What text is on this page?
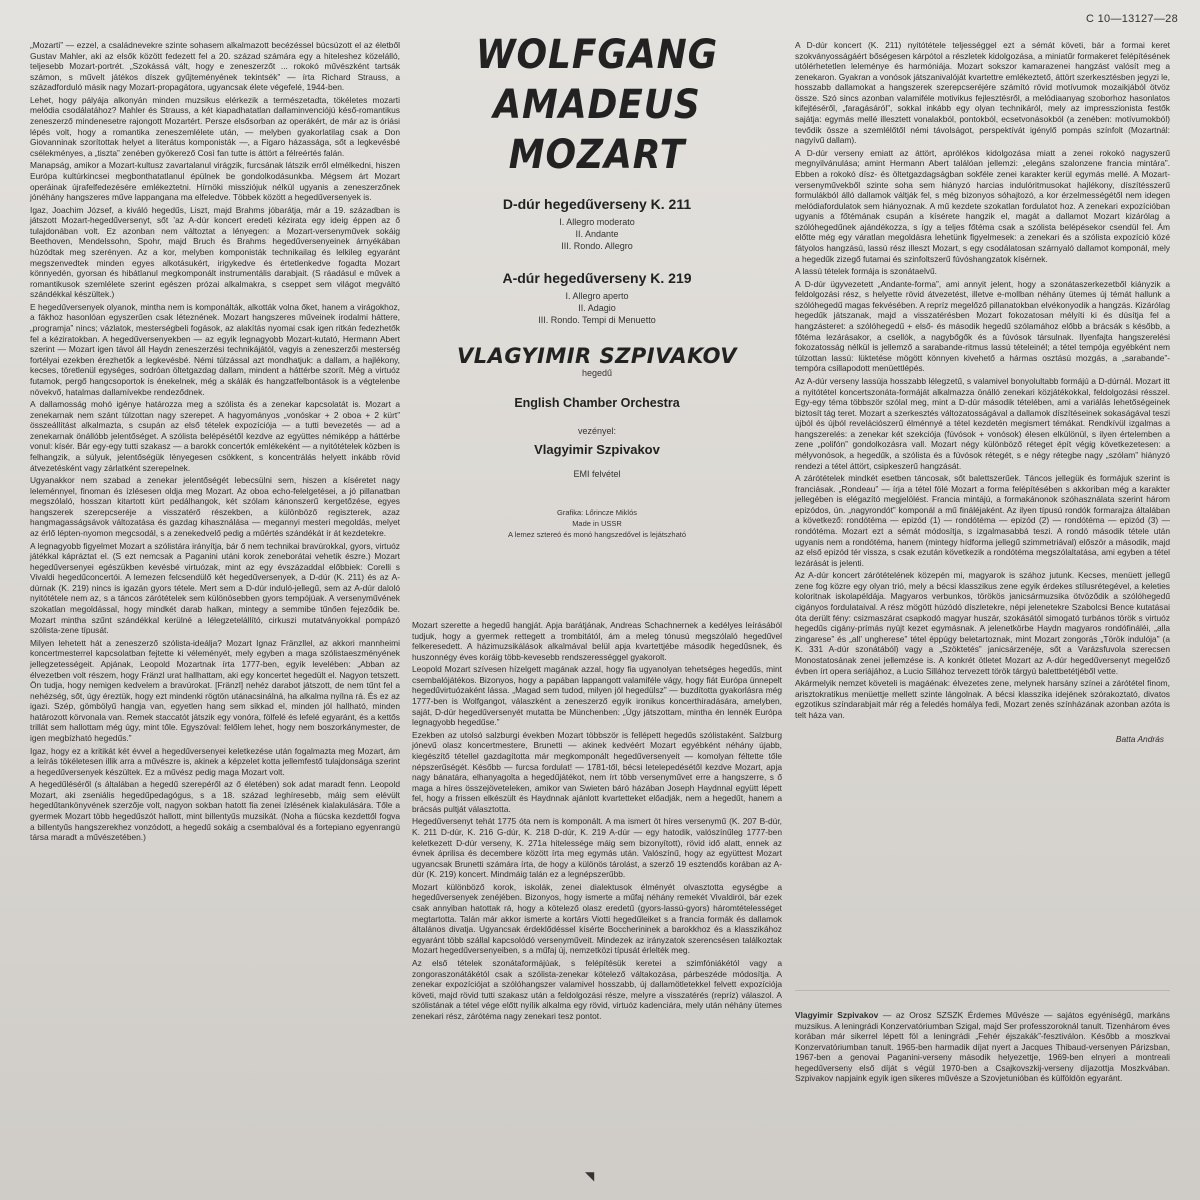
C 10—13127—28

„Mozarti” — ezzel, a családnevekre szinte sohasem alkalmazott becézéssel búcsúzott el az életből Gustav Mahler, aki az elsők között fedezett fel a 20. század számára egy a hiteleshez közelálló, teljesebb Mozart-portrét. „Szokássá vált, hogy e zeneszerzőt ... rokokó művészként tartsák számon, s művelt játékos díszek gyűjteményének tekintsék” — írta Richard Strauss, a századforduló másik nagy Mozart-propagátora, ugyancsak élete végefelé, 1944-ben.

Lehet, hogy pályája alkonyán minden muzsikus elérkezik a természetadta, tökéletes mozarti melódia csodálatához? Mahler és Strauss, a két kiapadhatatlan dallaminvenciójú késő-romantikus zeneszerző mindenesetre rajongott Mozartért. Persze elsősorban az operákért, de már az is óriási lépés volt, hogy a romantika zeneszemlélete után, — melyben gyakorlatilag csak a Don Giovanninak szorítottak helyet a literátus komponisták —, a Figaro házassága, sőt a legkevésbé csélekményes, a „tiszta” zenében gyökerező Così fan tutte is áttört a félreértés falán.

Manapság, amikor a Mozart-kultusz zavartalanul virágzik, furcsának látszik erről elmélkedni, hiszen Európa kultúrkincsei megbonthatatlanul épülnek be gondolkodásunkba. Mégsem árt Mozart operáinak újrafelfedezésére emlékeztetni. Hírnöki missziójuk nélkül ugyanis a zeneszerzőnek jónéhány hangszeres műve lappangana ma elfeledve. Többek között a hegedűversenyek is.

Igaz, Joachim József, a kiváló hegedűs, Liszt, majd Brahms jóbarátja, már a 19. században is játszott Mozart-hegedűversenyt, sőt ’az A-dúr koncert eredeti kézirata egy ideig éppen az ő tulajdonában volt. Ez azonban nem változtat a lényegen: a Mozart-versenyművek sokáig Beethoven, Mendelssohn, Spohr, majd Bruch és Brahms hegedűversenyeinek árnyékában húzódtak meg szerényen. Az a kor, melyben komponisták technikailag és lelkileg egyaránt megszenvedtek minden egyes alkotásukért, irigykedve és értetlenkedve fogadta Mozart könnyedén, gyorsan és hibátlanul megkomponált instrumentális darabjait. (S ráadásul e művek a romantikusok szemlélete szerint egészen prózai alkalmakra, s cseppet sem világot megváltó szándékkal készültek.)

E hegedűversenyek olyanok, mintha nem is komponálták, alkották volna őket, hanem a virágokhoz, a fákhoz hasonlóan egyszerűen csak léteznének. Mozart hangszeres műveinek irodalmi háttere, „programja” nincs; vázlatok, mesterségbeli fogások, az alakítás nyomai csak igen ritkán fedezhetők fel a kéziratokban. A hegedűversenyekben — az egyik legnagyobb Mozart-kutató, Hermann Abert szerint — Mozart igen távol áll Haydn zeneszerzési technikájától, vagyis a zeneszerzői mesterség fortélyai ezekben érezhetők a legkevésbé. Némi túlzással azt mondhatjuk: a dallam, a hajlékony, kecses, töretlenül egységes, sodróan öltetgazdag dallam, mindent a háttérbe szorít. Még a virtuóz futamok, pergő hangcsoportok is énekelnek, még a skálák és hangzatfelbontások is a végtelenbe növekvő, hatalmas dallamívekbe rendeződnek.

A dallamosság mohó igénye határozza meg a szólista és a zenekar kapcsolatát is. Mozart a zenekarnak nem szánt túlzottan nagy szerepet. A hagyományos „vonóskar + 2 oboa + 2 kürt” összeállítást alkalmazta, s csupán az első tételek expozíciója — a tutti bevezetés — ad a zenekarnak önállóbb jelentőséget. A szólista belépésétől kezdve az együttes némiképp a háttérbe vonul: kísér. Bár egy-egy tutti szakasz — a barokk concertók emlékeként — a nyitótételek közben is felhangzik, a súlyuk, jelentőségük lényegesen csökkent, s koncentrálás helyett inkább rövid átvezetésként vagy zárlatként szerepelnek.

Ugyanakkor nem szabad a zenekar jelentőségét lebecsülni sem, hiszen a kíséretet nagy leleménnyel, finoman és ízlésesen oldja meg Mozart. Az oboa echo-felelgetései, a jó pillanatban megszólaló, hosszan kitartott kürt pedálhangok, két szólam kánonszerű kergetőzése, egyes hangszerek szerepcseréje a visszatérő részekben, a különböző regiszterek, azaz hangmagasságsávok változatása és gazdag kihasználása — megannyi mesteri megoldás, melyet az érlő lépten-nyomon megcsodál, s a zenekedvelő pedig a műértés szándékát ír át kezdetekre.

A legnagyobb figyelmet Mozart a szólistára irányítja, bár ő nem technikai bravúrokkal, gyors, virtuóz játékkal kápráztat el. (S ezt nemcsak a Paganini utáni korok zeneborátai vehetik észre.) Mozart hegedűversenyei egészükben kevésbé virtuózak, mint az egy évszázaddal előbbiek: Corelli s Vivaldi hegedűconcertói. A lemezen felcsendülő két hegedűversenyek, a D-dúr (K. 211) és az A-dúrnak (K. 219) nincs is igazán gyors tétele. Mert sem a D-dúr induló-jellegű, sem az A-dúr daloló nyitótétele nem az, s a táncos zárótételek sem különösebben gyors tempójúak. A versenyművének szokatlan megoldással, hogy mindkét darab halkan, mintegy a semmibe tűnően fejeződik be. Mozart mintha szűnt szándékkal kerülné a lélegzetelállító, cirkuszi mutatványokkal pompázó szólista-zene típusát.

Milyen lehetett hát a zeneszerző szólista-ideálja? Mozart Ignaz Fränzllel, az akkori mannheimi koncertmesterrel kapcsolatban fejtette ki véleményét, mely egyben a maga szólistaeszményének jellegzetességeit. Apjának, Leopold Mozartnak írta 1777-ben, egyik levelében: „Abban az élvezetben volt részem, hogy Fränzl urat hallhattam, aki egy koncertet hegedült el. Nagyon tetszett. Ön tudja, hogy nemigen kedvelem a bravúrokat. [Fränzl] nehéz darabot játszott, de nem tűnt fel a nehézség, sőt, úgy éreztük, hogy ezt mindenki rögtön utánacsinálná, ha alkalma nyílna rá. És ez az igazi. Szép, gömbölyű hangja van, egyetlen hang sem sikkad el, minden jól hallható, minden határozott körvonala van. Remek staccatót játszik egy vonóra, fölfelé és lefelé egyaránt, és a kettős trillát sem hallottam még úgy, mint tőle. Egyszóval: felőlem lehet, hogy nem boszorkánymester, de igen megbízható hegedűs.”

Igaz, hogy ez a kritikát két évvel a hegedűversenyei keletkezése után fogalmazta meg Mozart, ám a leírás tökéletesen illik arra a művészre is, akinek a képzelet kotta jellemfestő tulajdonsága szerint a hegedűversenyek készültek. Ez a művész pedig maga Mozart volt.

A hegedűléséről (s általában a hegedű szerepéről az ő életében) sok adat maradt fenn. Leopold Mozart, aki zseniális hegedűpedagógus, s a 18. század leghíresebb, máig sem elévült hegedűtankönyvének szerzője volt, nagyon sokban hatott fia zenei ízlésének kialakulására. Tőle a gyermek Mozart több hegedűszót hallott, mint billentyűs muzsikát. (Noha a fiúcska kezdettől fogva a billentyűs hangszerekhez vonzódott, a hegedű sokáig a csembalóval és a fortepiano egyenrangú társa maradt a művészetében.)

WOLFGANG
AMADEUS
MOZART
D-dúr hegedűverseny K. 211
I. Allegro moderato
II. Andante
III. Rondo. Allegro
A-dúr hegedűverseny K. 219
I. Allegro aperto
II. Adagio
III. Rondo. Tempi di Menuetto
VLAGYIMIR SZPIVAKOV
hegedű
English Chamber Orchestra
vezényel:
Vlagyimir Szpivakov
EMI felvétel
Grafika: Lőrincze Miklós
Made in USSR
A lemez sztereó és monó hangszedővel is lejátszható

Mozart szerette a hegedű hangját. Apja barátjának, Andreas Schachnernek a kedélyes leírásából tudjuk, hogy a gyermek rettegett a trombitától, ám a meleg tónusú megszólaló hegedűvel felkeresedett. A házimuzsikálások alkalmával belül apja kvartettjébe második hegedűsnek, és huszonnégy éves koráig több-kevesebb rendszerességgel gyakorolt.

Leopold Mozart szívesen hízelgett magának azzal, hogy fia ugyanolyan tehetséges hegedűs, mint csembalójátékos. Bizonyos, hogy a papában lappangott valamiféle vágy, hogy fiát Európa ünnepelt hegedűvirtuózaként lássa. „Magad sem tudod, milyen jól hegedülsz” — buzdította gyakorlásra még 1777-ben is Wolfgangot, válaszként a zeneszerző egyik ironikus koncerthiradására, amelyben, saját, D-dúr hegedűversenyét mutatta be Münchenben: „Úgy játszottam, mintha én lennék Európa legnagyobb hegedűse.”

Ezekben az utolsó salzburgi években Mozart többször is fellépett hegedűs szólistaként. Salzburg jónevű olasz koncertmestere, Brunetti — akinek kedvéért Mozart egyébként néhány újabb, kiegészítő tétellel gazdagította már megkomponált hegedűversenyeit — komolyan féltette tőle népszerűségét. Később — furcsa fordulat! — 1781-től, bécsi letelepedésétől kezdve Mozart, apja nagy bánatára, elhanyagolta a hegedűjátékot, nem írt több versenyművet erre a hangszerre, s ő maga a híres összejöveteleken, amikor van Swieten báró házában Joseph Haydnnal együtt lépett fel, hogy a frissen elkészült és Haydnnak ajánlott kvartetteket előadják, nem a hegedűt, hanem a brácsás pultját választotta.

Hegedűversenyt tehát 1775 óta nem is komponált. A ma ismert öt híres versenymű (K. 207 B-dúr, K. 211 D-dúr, K. 216 G-dúr, K. 218 D-dúr, K. 219 A-dúr — egy hatodik, valószínűleg 1777-ben keletkezett D-dúr verseny, K. 271a hitelessége máig sem bizonyított), rövid idő alatt, ennek az évnek áprilisa és decembere között írta meg egymás után. Valószínű, hogy az együttest Mozart ugyancsak Brunetti számára írta, de hogy a különös tárolást, a szerző 19 esztendős korában az A-dúr (K. 219) koncert. Mindmáig talán ez a legnépszerűbb.

Mozart különböző korok, iskolák, zenei dialektusok élményét olvasztotta egységbe a hegedűversenyek zenéjében. Bizonyos, hogy ismerte a műfaj néhány remekét Vivaldiról, bár ezek csak annyiban hatottak rá, hogy a kötelező olasz eredetű (gyors-lassú-gyors) háromtételességet megtartotta. Talán már akkor ismerte a kortárs Viotti hegedűleiket s a francia formák és dallamok általános divatja. Ugyancsak érdeklődéssel kísérte Boccherininek a barokkhoz és a klasszikához egyaránt több szállal kapcsolódó versenyműveit. Mindezek az irányzatok szerencsésen találkoztak Mozart hegedűversenyeiben, s a műfaj új, nemzetközi típusát érlelték meg.

Az első tételek szonátaformájúak, s felépítésük keretei a szimfóniákétól vagy a zongoraszonátákétól csak a szólista-zenekar kötelező váltakozása, párbeszéde módosítja. A zenekar expozíciójat a szólóhangszer valamivel hosszabb, új dallamötletekkel felvett expozíciója követi, majd rövid tutti szakasz után a feldolgozási része, melyre a visszatérés (repríz) válaszol. A szólistának a tétel vége előtt nyílik alkalma egy rövid, virtuóz kadenciára, mely után néhány ütemes zenekari rész, zárótéma nagy zenekari tesz pontot.

A D-dúr koncert (K. 211) nyitótétele teljességgel ezt a sémát követi, bár a formai keret szokványosságáért bőségesen kárpótol a részletek kidolgozása, a miniatűr formakeret felépítésének utólérhetetlen leleménye és harmóniája. Mozart sokszor kamarazenei hangzást valósít meg a zenekaron. Gyakran a vonósok játszanivalóját kvartettre emlékeztető, áttört szerkesztésben jegyzi le, hosszabb dallamokat a hangszerek szerepcseréjére számító rövid motívumok mozaikjából ötvöz össze. Szó sincs azonban valamiféle motivikus fejlesztésről, a melódiaanyag szoborhoz hasonlatos kifejtéséről, „faragásáról”, sokkal inkább egy olyan technikáról, mely az impresszionista festők sajátja: egymás mellé illesztett vonalakból, pontokból, ecsetvonásokból (a zenében: motívumokból) tevődik össze a szemlélőtől némi távolságot, perspektívát igénylő pompás színfolt (Mozartnál: nagyívű dallam).

A D-dúr verseny emiatt az áttört, aprólékos kidolgozása miatt a zenei rokokó nagyszerű megnyilvánulása; amint Hermann Abert találóan jellemzi: „elegáns szalonzene francia mintára”. Ebben a rokokó dísz- és öltetgazdagságban sokféle zenei karakter kerül egymás mellé. A Mozart-versenyművekből szinte soha sem hiányzó harcias indulóritmusokat hajlékony, díszítésszerű formulákból álló dallamok váltják fel, s még bizonyos sóhajtozó, a kor érzelmességétől nem idegen melódiafordulatok sem hiányoznak. A mű kezdete szokatlan fordulatot hoz. A zenekari expozícióban ugyanis a főtémának csupán a kísérete hangzik el, magát a dallamot Mozart kizárólag a szólóhegedűnek ajándékozza, s így a teljes főtéma csak a szólista belépésekor csendül fel. Ám előtte még egy váratlan megoldásra lehetünk figyelmesek: a zenekari és a szólista expozíció közé fátyolos hangzású, lassú rész illeszt Mozart, s egy csodálatosan szárnyaló dallamot komponál, mely a hegedűk zizegő futamai és szinfoltszerű fúvóshangzatok kísérnek.

A lassú tételek formája is szonátaelvű.

A D-dúr ügyvezetett „Andante-forma”, ami annyit jelent, hogy a szonátaszerkezetből kiányzik a feldolgozási rész, s helyette rövid átvezetést, illetve e-mollban néhány ütemes új témát hallunk a szólóhegedű magas fekvésében. A repríz megelőző pillanatokban elvékonyodik a hangzás. Kizárólag hegedűk játszanak, majd a visszatérésben Mozart fokozatosan mélyíti ki és dúsítja fel a hangzásteret: a szólóhegedű + első- és második hegedű szólamához előbb a brácsák s később, a főtéma lezárásakor, a csellók, a nagybőgők és a fúvósok társulnak. Ilyenfajta hangszerelési fokozatosság nélkül is jellemző a sarabande-ritmus lassú tételeinél; a tétel tempója egyébként nem túlzottan lassú: lüktetése mögött könnyen kivehető a hármas osztású mozgás, a „sarabande”-tempóra csillapodott menüettlépés.

Az A-dúr verseny lassúja hosszabb lélegzetű, s valamivel bonyolultabb formájú a D-dúrnál. Mozart itt a nyitótétel koncertszonáta-formáját alkalmazza önálló zenekari közjátékokkal, feldolgozási résszel. Egy-egy téma többször szólal meg, mint a D-dúr második tételében, ami a variálás lehetőségeinek biztosít tág teret. Mozart a szerkesztés változatosságával a dallamok díszítéseinek sokaságával teszi újból és újból revelációszerű élménnyé a tétel kezdetén megismert témákat. Rendkívül izgalmas a hangszerelés: a zenekar két szekciója (fúvósok + vonósok) élesen elkülönül, s ilyen értelemben a zene „polifón” gondolkozásra vall. Mozart négy különböző réteget épít végig következetesen: a mélyvonósok, a hegedűk, a szólista és a fúvósok rétegét, s e négy rétegbe nagy „szólam” hiányzó rendezi a tétel áttört, csipkeszerű hangzását.

A zárótételek mindkét esetben táncosak, sőt balettszerűek. Táncos jellegük és formájuk szerint is franciásak. „Rondeau” — írja a tétel fölé Mozart a forma felépítésében s akkoriban még a karakter jellegében is elégazító megjelölést. Francia mintájú, a formakánonok szóhasználata szerint három epizódos, ún. „nagyrondót” komponál a mű fináléjaként. Az ilyen típusú rondók formarajza általában a következő: rondótéma — epizód (1) — rondótéma — epizód (2) — rondótéma — epizód (3) — rondótéma. Mozart ezt a sémát módosítja, s izgalmasabbá teszi. A rondó második tétele után ugyanis nem a rondótéma, hanem (mintegy hídforma jellegű szimmetriával) először a második, majd az első epizód tér vissza, s csak ezután következik a rondótéma megszólaltatása, ami egyben a tétel lezárását is jelenti.

Az A-dúr koncert zárótételének közepén mi, magyarok is szához jutunk. Kecses, menüett jellegű zene fog közre egy olyan trió, mely a bécsi klasszikus zene egyik érdekes stílusrétegével, a keleties koloritnak iskolapéldája. Magyaros verbunkos, törökös janicsármuzsika ötvöződik a szólóhegedű cigányos fordulataival. A rész mögött húzódó díszletekre, népi jelenetekre Szabolcsi Bence kutatásai óta derült fény: csizmaszárat csapkodó magyar huszár, szokásától simogató turbános török s virtuóz hegedűs cigány-prímás nyújt kezet egymásnak. A jelenetkörbe Haydn magyaros rondófináléi, „alla zingarese” és „all’ ungherese” tétel éppúgy beletartoznak, mint Mozart zongorás „Török indulója” (a K. 331 A-dúr szonátából) vagy a „Szöktetés” janicsárzenéje, sőt a Varázsfuvola szerecsen Monostatosának zenei jellemzése is. A konkrét ötletet Mozart az A-dúr hegedűversenyt megelőző évben írt opera seriájához, a Lucio Sillához tervezett török tárgyú balettbetétjéből vette.

Akármelyik nemzet követeli is magáénak: élvezetes zene, melynek harsány színei a zárótétel finom, arisztokratikus menüettje mellett szinte lángolnak. A bécsi klasszika idejének szórakoztató, divatos egzotikus színdarabjait már rég a feledés homálya fedi, Mozart zenés színházának azonban azóta is telt háza van.

Batta András

Vlagyimir Szpivakov — az Orosz SZSZK Érdemes Művésze — sajátos egyéniségű, markáns muzsikus. A leningrádi Konzervatóriumban Szigal, majd Ser professzoroknál tanult. Tizenhárom éves korában már sikerrel lépett föl a leningrádi „Fehér éjszakák”-fesztiválon. Később a moszkvai Konzervatóriumban tanult. 1965-ben harmadik díjat nyert a Jacques Thibaud-versenyen Párizsban, 1967-ben a genovai Paganini-verseny második helyezettje, 1969-ben elnyeri a montreali hegedűverseny első díját s végül 1970-ben a Csajkovszkij-verseny díjazottja Moszkvában. Szpivakov napjaink egyik igen sikeres művésze a Szovjetunióban és külföldön egyaránt.

◥
